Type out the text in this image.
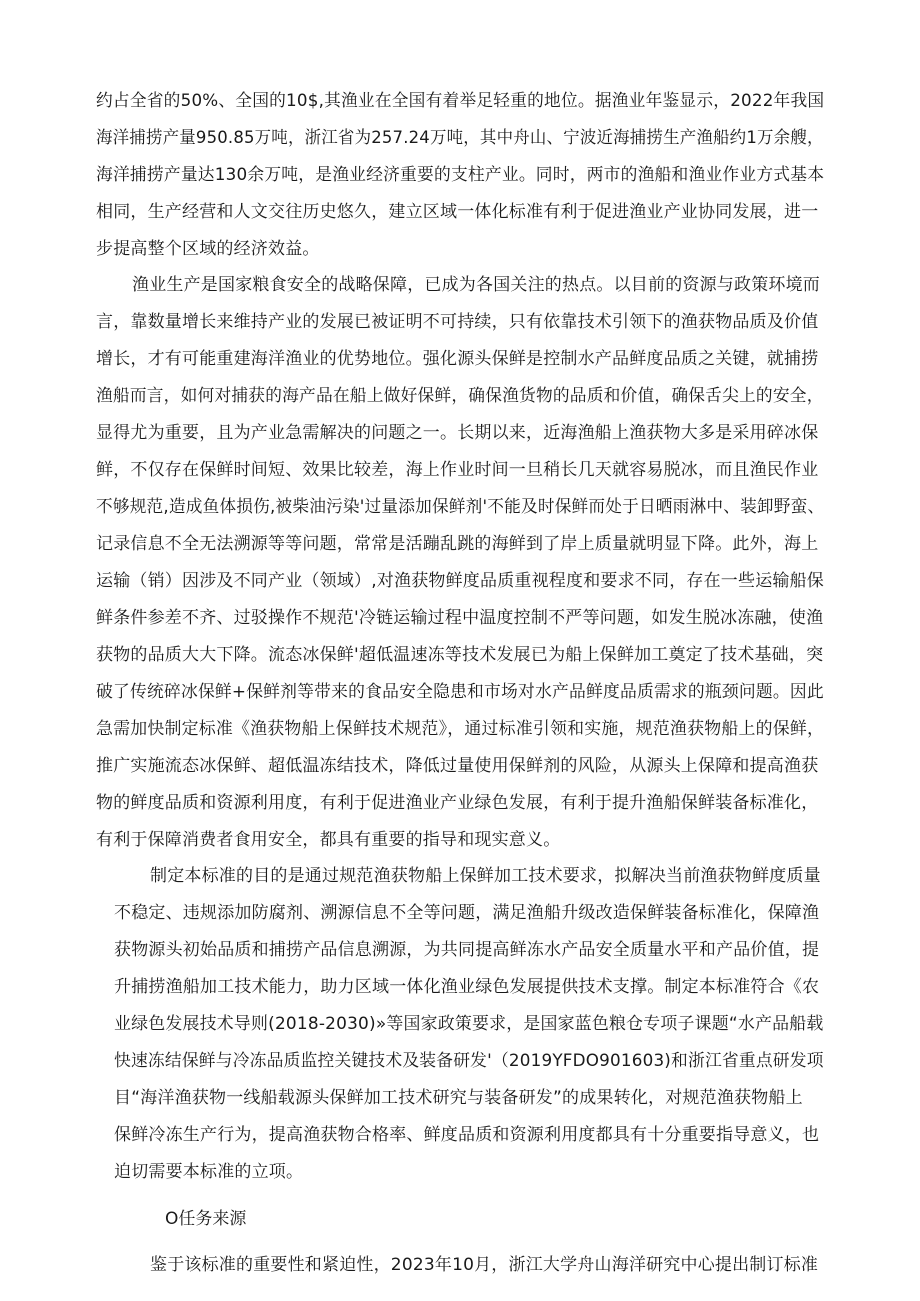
约占全省的50%、全国的10$,其渔业在全国有着举足轻重的地位。据渔业年鉴显示，2022年我国
海洋捕捞产量950.85万吨，浙江省为257.24万吨，其中舟山、宁波近海捕捞生产渔船约1万余艘，
海洋捕捞产量达130余万吨，是渔业经济重要的支柱产业。同时，两市的渔船和渔业作业方式基本
相同，生产经营和人文交往历史悠久，建立区域一体化标准有利于促进渔业产业协同发展，进一
步提高整个区域的经济效益。
渔业生产是国家粮食安全的战略保障，已成为各国关注的热点。以目前的资源与政策环境而
言，靠数量增长来维持产业的发展已被证明不可持续，只有依靠技术引领下的渔获物品质及价值
增长，才有可能重建海洋渔业的优势地位。强化源头保鲜是控制水产品鲜度品质之关键，就捕捞
渔船而言，如何对捕获的海产品在船上做好保鲜，确保渔货物的品质和价值，确保舌尖上的安全，
显得尤为重要，且为产业急需解决的问题之一。长期以来，近海渔船上渔获物大多是采用碎冰保
鲜，不仅存在保鲜时间短、效果比较差，海上作业时间一旦稍长几天就容易脱冰，而且渔民作业
不够规范,造成鱼体损伤,被柴油污染'过量添加保鲜剂'不能及时保鲜而处于日晒雨淋中、装卸野蛮、
记录信息不全无法溯源等等问题，常常是活蹦乱跳的海鲜到了岸上质量就明显下降。此外，海上
运输（销）因涉及不同产业（领域）,对渔获物鲜度品质重视程度和要求不同，存在一些运输船保
鲜条件参差不齐、过驳操作不规范'冷链运输过程中温度控制不严等问题，如发生脱冰冻融，使渔
获物的品质大大下降。流态冰保鲜'超低温速冻等技术发展已为船上保鲜加工奠定了技术基础，突
破了传统碎冰保鲜+保鲜剂等带来的食品安全隐患和市场对水产品鲜度品质需求的瓶颈问题。因此
急需加快制定标准《渔获物船上保鲜技术规范》，通过标准引领和实施，规范渔获物船上的保鲜，
推广实施流态冰保鲜、超低温冻结技术，降低过量使用保鲜剂的风险，从源头上保障和提高渔获
物的鲜度品质和资源利用度，有利于促进渔业产业绿色发展，有利于提升渔船保鲜装备标准化，
有利于保障消费者食用安全，都具有重要的指导和现实意义。
制定本标准的目的是通过规范渔获物船上保鲜加工技术要求，拟解决当前渔获物鲜度质量
不稳定、违规添加防腐剂、溯源信息不全等问题，满足渔船升级改造保鲜装备标准化，保障渔
获物源头初始品质和捕捞产品信息溯源，为共同提高鲜冻水产品安全质量水平和产品价值，提
升捕捞渔船加工技术能力，助力区域一体化渔业绿色发展提供技术支撑。制定本标准符合《农
业绿色发展技术导则(2018-2030)»等国家政策要求，是国家蓝色粮仓专项子课题“水产品船载
快速冻结保鲜与冷冻品质监控关键技术及装备研发'（2019YFDO901603)和浙江省重点研发项
目“海洋渔获物一线船载源头保鲜加工技术研究与装备研发”的成果转化，对规范渔获物船上
保鲜冷冻生产行为，提高渔获物合格率、鲜度品质和资源利用度都具有十分重要指导意义，也
迫切需要本标准的立项。
O任务来源
鉴于该标准的重要性和紧迫性，2023年10月，浙江大学舟山海洋研究中心提出制订标准
